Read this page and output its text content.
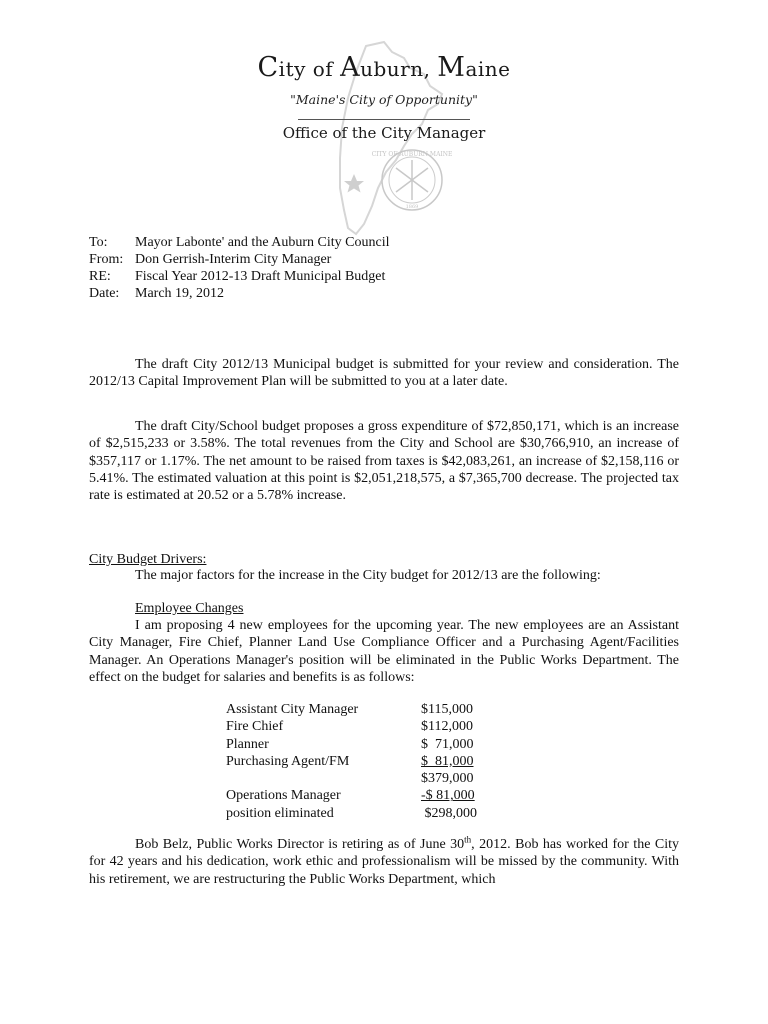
CITY OF AUBURN MAINE
1869
City of Auburn, Maine
"Maine's City of Opportunity"
Office of the City Manager
To:	Mayor Labonte' and the Auburn City Council
From: Don Gerrish-Interim City Manager
RE:	Fiscal Year 2012-13 Draft Municipal Budget
Date:	March 19, 2012
The draft City 2012/13 Municipal budget is submitted for your review and consideration. The 2012/13 Capital Improvement Plan will be submitted to you at a later date.
The draft City/School budget proposes a gross expenditure of $72,850,171, which is an increase of $2,515,233 or 3.58%. The total revenues from the City and School are $30,766,910, an increase of $357,117 or 1.17%. The net amount to be raised from taxes is $42,083,261, an increase of $2,158,116 or 5.41%. The estimated valuation at this point is $2,051,218,575, a $7,365,700 decrease. The projected tax rate is estimated at 20.52 or a 5.78% increase.
City Budget Drivers:
The major factors for the increase in the City budget for 2012/13 are the following:
Employee Changes
I am proposing 4 new employees for the upcoming year. The new employees are an Assistant City Manager, Fire Chief, Planner Land Use Compliance Officer and a Purchasing Agent/Facilities Manager. An Operations Manager's position will be eliminated in the Public Works Department. The effect on the budget for salaries and benefits is as follows:
Assistant City Manager	$115,000
Fire Chief	$112,000
Planner	$  71,000
Purchasing Agent/FM	$  81,000
$379,000
Operations Manager	-$ 81,000
position eliminated	$298,000
Bob Belz, Public Works Director is retiring as of June 30th, 2012. Bob has worked for the City for 42 years and his dedication, work ethic and professionalism will be missed by the community. With his retirement, we are restructuring the Public Works Department, which
